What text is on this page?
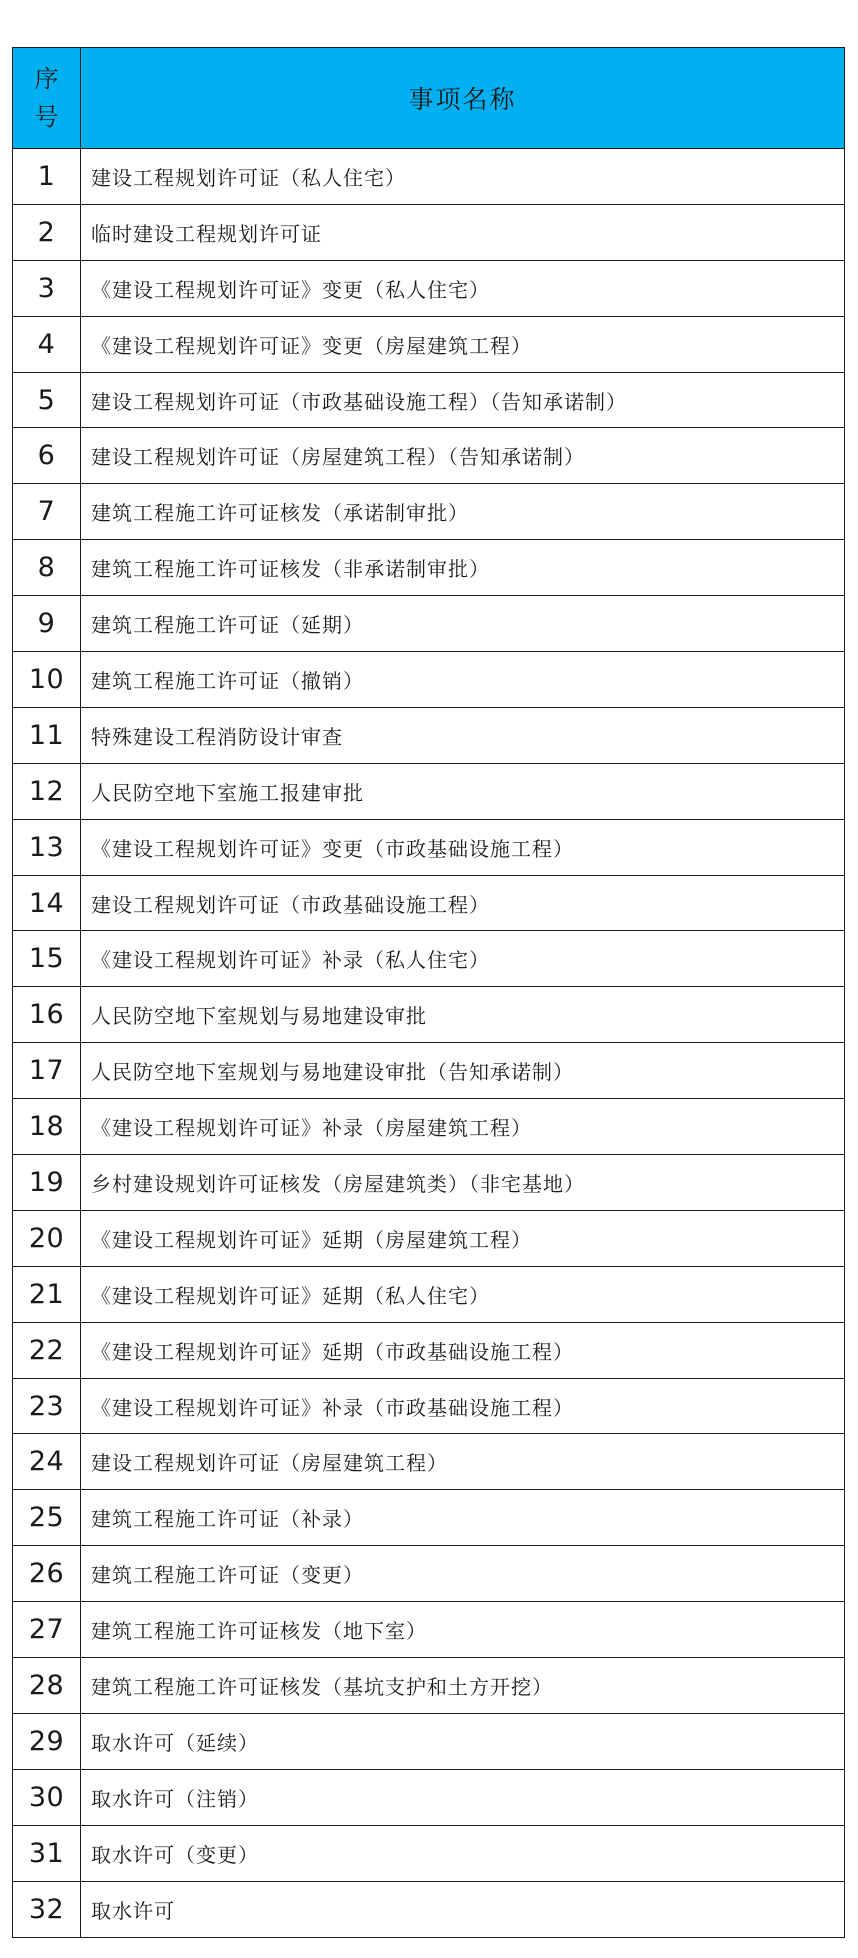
序
号	事项名称
1	建设工程规划许可证（私人住宅）
2	临时建设工程规划许可证
3	《建设工程规划许可证》变更（私人住宅）
4	《建设工程规划许可证》变更（房屋建筑工程）
5	建设工程规划许可证（市政基础设施工程）（告知承诺制）
6	建设工程规划许可证（房屋建筑工程）（告知承诺制）
7	建筑工程施工许可证核发（承诺制审批）
8	建筑工程施工许可证核发（非承诺制审批）
9	建筑工程施工许可证（延期）
10	建筑工程施工许可证（撤销）
11	特殊建设工程消防设计审查
12	人民防空地下室施工报建审批
13	《建设工程规划许可证》变更（市政基础设施工程）
14	建设工程规划许可证（市政基础设施工程）
15	《建设工程规划许可证》补录（私人住宅）
16	人民防空地下室规划与易地建设审批
17	人民防空地下室规划与易地建设审批（告知承诺制）
18	《建设工程规划许可证》补录（房屋建筑工程）
19	乡村建设规划许可证核发（房屋建筑类）（非宅基地）
20	《建设工程规划许可证》延期（房屋建筑工程）
21	《建设工程规划许可证》延期（私人住宅）
22	《建设工程规划许可证》延期（市政基础设施工程）
23	《建设工程规划许可证》补录（市政基础设施工程）
24	建设工程规划许可证（房屋建筑工程）
25	建筑工程施工许可证（补录）
26	建筑工程施工许可证（变更）
27	建筑工程施工许可证核发（地下室）
28	建筑工程施工许可证核发（基坑支护和土方开挖）
29	取水许可（延续）
30	取水许可（注销）
31	取水许可（变更）
32	取水许可
